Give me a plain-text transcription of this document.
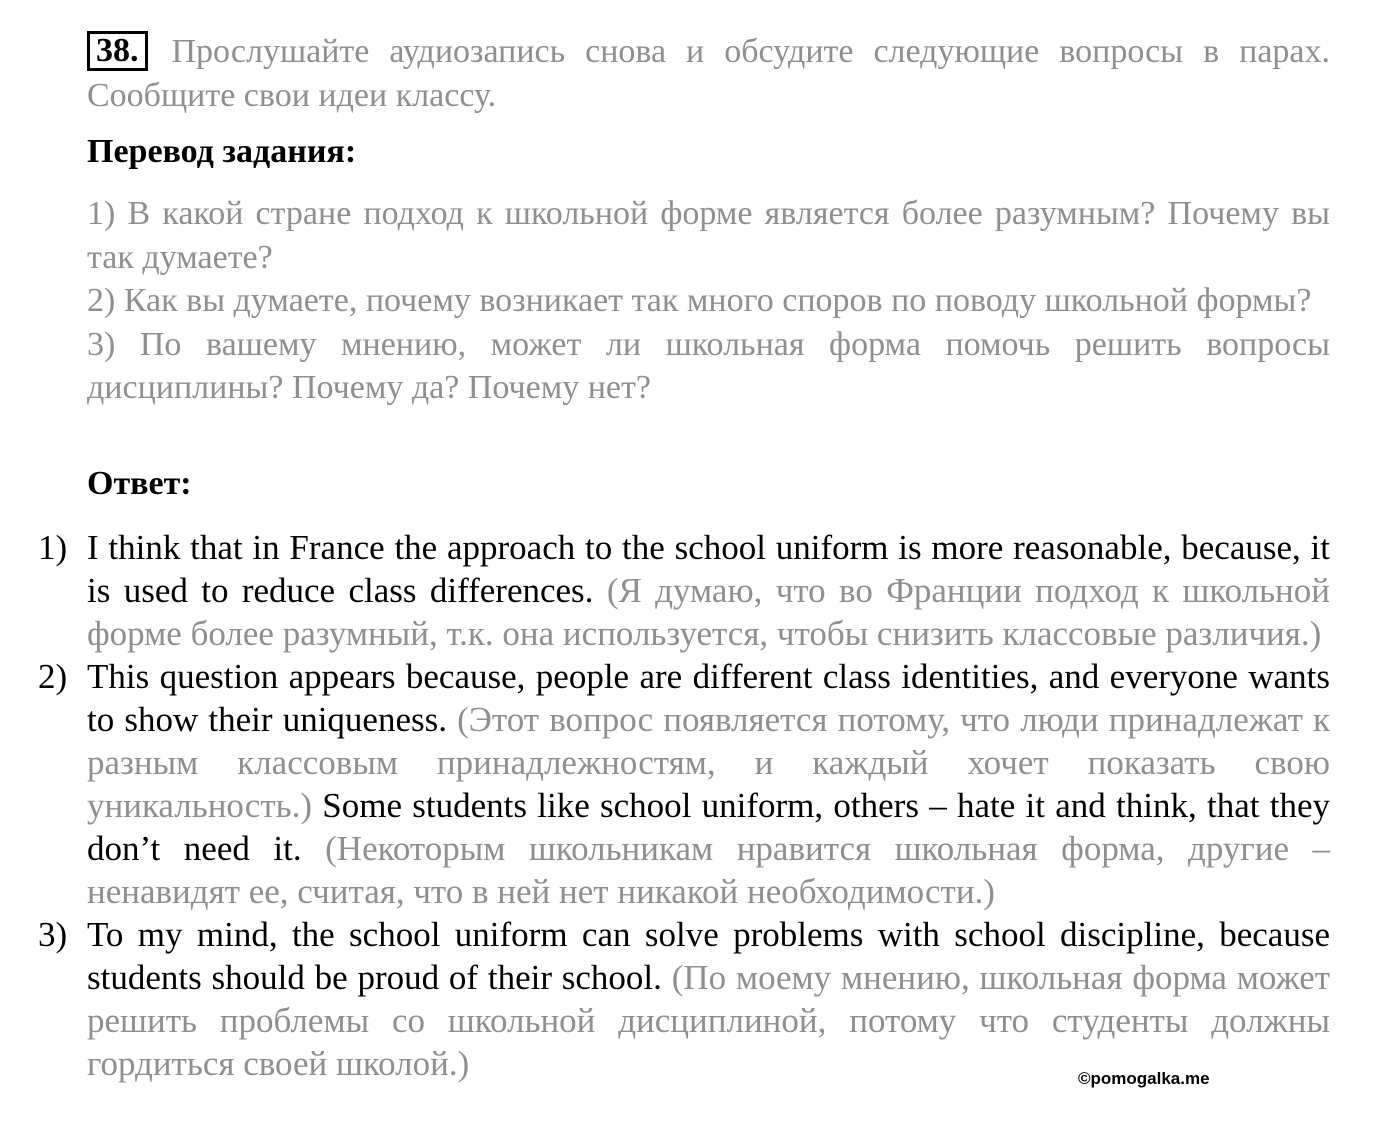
38. Прослушайте аудиозапись снова и обсудите следующие вопросы в парах. Сообщите свои идеи классу.
Перевод задания:

1) В какой стране подход к школьной форме является более разумным? Почему вы так думаете?

2) Как вы думаете, почему возникает так много споров по поводу школьной формы?

3) По вашему мнению, может ли школьная форма помочь решить вопросы дисциплины? Почему да? Почему нет?

Ответ:
1) I think that in France the approach to the school uniform is more reasonable, because, it is used to reduce class differences. (Я думаю, что во Франции подход к школьной форме более разумный, т.к. она используется, чтобы снизить классовые различия.)
2) This question appears because, people are different class identities, and everyone wants to show their uniqueness. (Этот вопрос появляется потому, что люди принадлежат к разным классовым принадлежностям, и каждый хочет показать свою уникальность.) Some students like school uniform, others – hate it and think, that they don’t need it. (Некоторым школьникам нравится школьная форма, другие – ненавидят ее, считая, что в ней нет никакой необходимости.)
3) To my mind, the school uniform can solve problems with school discipline, because students should be proud of their school. (По моему мнению, школьная форма может решить проблемы со школьной дисциплиной, потому что студенты должны гордиться своей школой.)	©pomogalka.me
